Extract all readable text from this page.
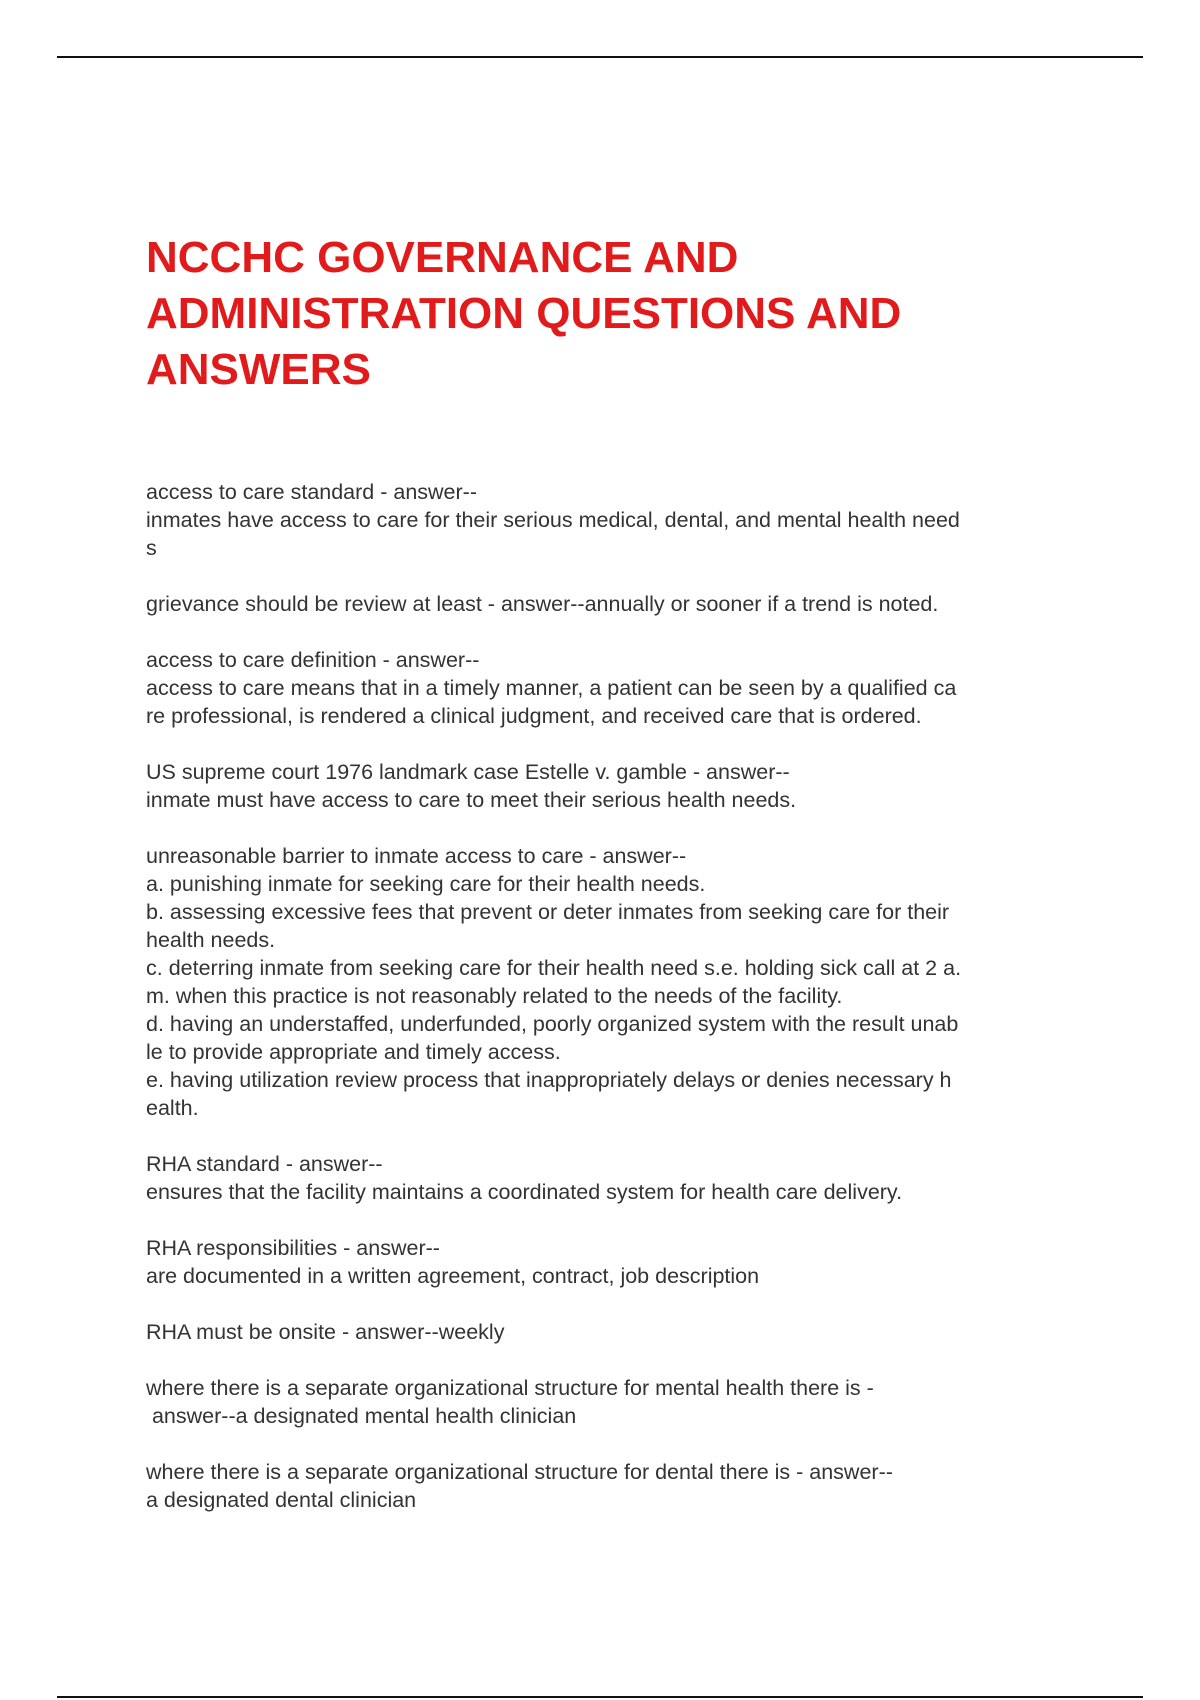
NCCHC GOVERNANCE AND
ADMINISTRATION QUESTIONS AND
ANSWERS
access to care standard - answer--
inmates have access to care for their serious medical, dental, and mental health need
s
grievance should be review at least - answer--annually or sooner if a trend is noted.
access to care definition - answer--
access to care means that in a timely manner, a patient can be seen by a qualified ca
re professional, is rendered a clinical judgment, and received care that is ordered.
US supreme court 1976 landmark case Estelle v. gamble - answer--
inmate must have access to care to meet their serious health needs.
unreasonable barrier to inmate access to care - answer--
a. punishing inmate for seeking care for their health needs.
b. assessing excessive fees that prevent or deter inmates from seeking care for their
health needs.
c. deterring inmate from seeking care for their health need s.e. holding sick call at 2 a.
m. when this practice is not reasonably related to the needs of the facility.
d. having an understaffed, underfunded, poorly organized system with the result unab
le to provide appropriate and timely access.
e. having utilization review process that inappropriately delays or denies necessary h
ealth.
RHA standard - answer--
ensures that the facility maintains a coordinated system for health care delivery.
RHA responsibilities - answer--
are documented in a written agreement, contract, job description
RHA must be onsite - answer--weekly
where there is a separate organizational structure for mental health there is -
answer--a designated mental health clinician
where there is a separate organizational structure for dental there is - answer--
a designated dental clinician
